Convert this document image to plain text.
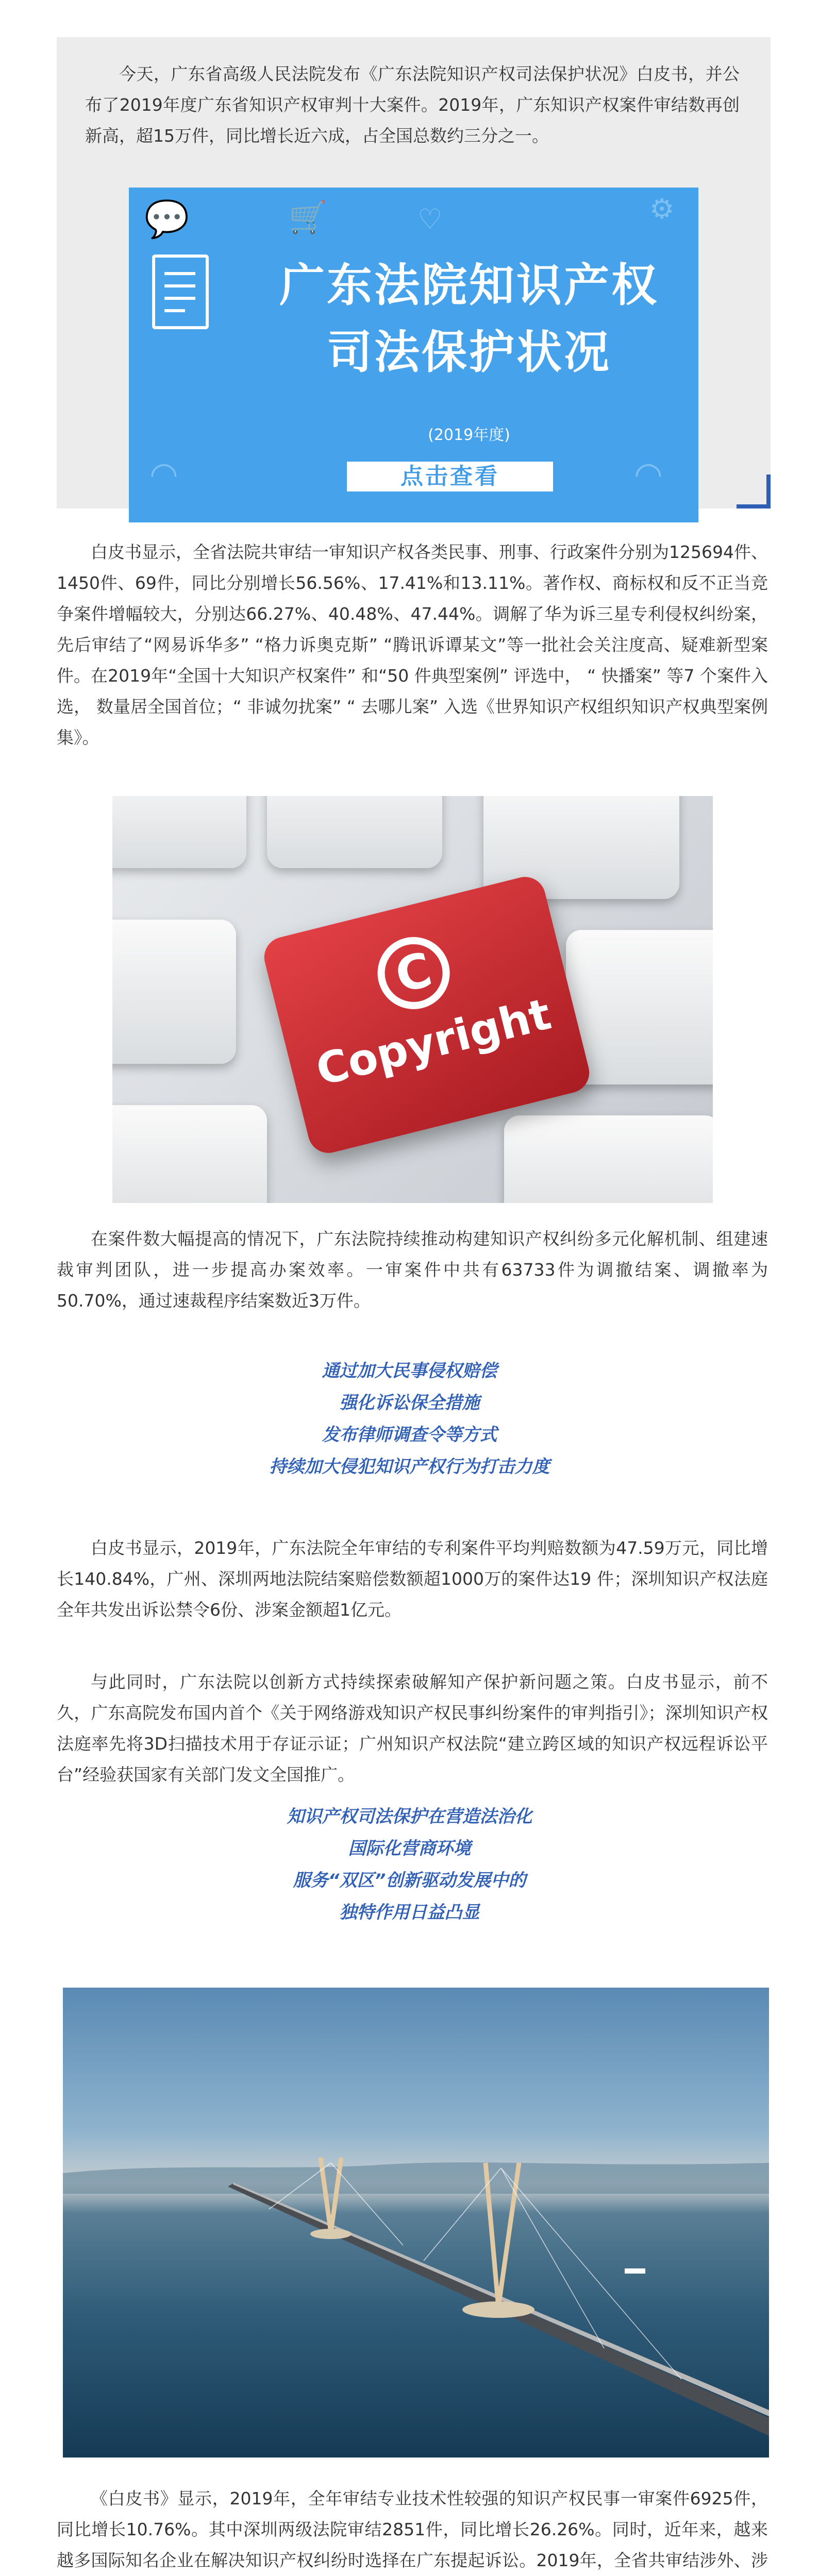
今天，广东省高级人民法院发布《广东法院知识产权司法保护状况》白皮书，并公布了2019年度广东省知识产权审判十大案件。2019年，广东知识产权案件审结数再创新高，超15万件，同比增长近六成，占全国总数约三分之一。

💬	🛒	♡	⚙
◠	◠

广东法院知识产权

司法保护状况

(2019年度)
点击查看

白皮书显示，全省法院共审结一审知识产权各类民事、刑事、行政案件分别为125694件、1450件、69件，同比分别增长56.56%、17.41%和13.11%。著作权、商标权和反不正当竞争案件增幅较大，分别达66.27%、40.48%、47.44%。调解了华为诉三星专利侵权纠纷案，先后审结了“网易诉华多” “格力诉奥克斯” “腾讯诉谭某文”等一批社会关注度高、疑难新型案件。在2019年“全国十大知识产权案件” 和“50 件典型案例” 评选中， “ 快播案” 等7 个案件入选， 数量居全国首位；“ 非诚勿扰案” “ 去哪儿案” 入选《世界知识产权组织知识产权典型案例集》。

C
Copyright

在案件数大幅提高的情况下，广东法院持续推动构建知识产权纠纷多元化解机制、组建速裁审判团队，进一步提高办案效率。一审案件中共有63733件为调撤结案、调撤率为50.70%，通过速裁程序结案数近3万件。

通过加大民事侵权赔偿

强化诉讼保全措施

发布律师调查令等方式

持续加大侵犯知识产权行为打击力度

白皮书显示，2019年，广东法院全年审结的专利案件平均判赔数额为47.59万元，同比增长140.84%，广州、深圳两地法院结案赔偿数额超1000万的案件达19 件；深圳知识产权法庭全年共发出诉讼禁令6份、涉案金额超1亿元。

与此同时，广东法院以创新方式持续探索破解知产保护新问题之策。白皮书显示，前不久，广东高院发布国内首个《关于网络游戏知识产权民事纠纷案件的审判指引》；深圳知识产权法庭率先将3D扫描技术用于存证示证；广州知识产权法院“建立跨区域的知识产权远程诉讼平台”经验获国家有关部门发文全国推广。

知识产权司法保护在营造法治化

国际化营商环境

服务“双区”创新驱动发展中的

独特作用日益凸显

《白皮书》显示，2019年，全年审结专业技术性较强的知识产权民事一审案件6925件，同比增长10.76%。其中深圳两级法院审结2851件，同比增长26.26%。同时，近年来，越来越多国际知名企业在解决知识产权纠纷时选择在广东提起诉讼。2019年，全省共审结涉外、涉
